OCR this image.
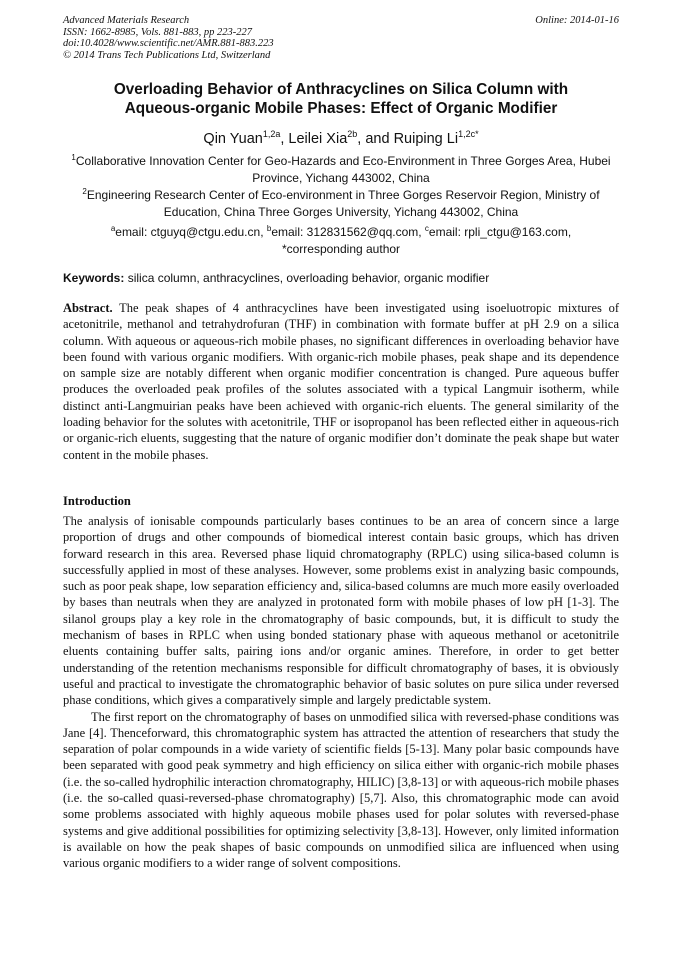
Advanced Materials Research
ISSN: 1662-8985, Vols. 881-883, pp 223-227
doi:10.4028/www.scientific.net/AMR.881-883.223
© 2014 Trans Tech Publications Ltd, Switzerland
Online: 2014-01-16
Overloading Behavior of Anthracyclines on Silica Column with
Aqueous-organic Mobile Phases: Effect of Organic Modifier
Qin Yuan$^{1,2a}$, Leilei Xia$^{2b}$, and Ruiping $Li^{1,2c*}$
$^1$Collaborative Innovation Center for Geo-Hazards and Eco-Environment in Three Gorges Area, Hubei Province, Yichang 443002, China
$^2$Engineering Research Center of Eco-environment in Three Gorges Reservoir Region, Ministry of Education, China Three Gorges University, Yichang 443002, China
$^a$email: ctguyq@ctgu.edu.cn, $^b$email: 312831562@qq.com, $^c$email: rpli_ctgu@163.com,
*corresponding author
Keywords: silica column, anthracyclines, overloading behavior, organic modifier
Abstract. The peak shapes of 4 anthracyclines have been investigated using isoeluotropic mixtures of acetonitrile, methanol and tetrahydrofuran (THF) in combination with formate buffer at pH 2.9 on a silica column. With aqueous or aqueous-rich mobile phases, no significant differences in overloading behavior have been found with various organic modifiers. With organic-rich mobile phases, peak shape and its dependence on sample size are notably different when organic modifier concentration is changed. Pure aqueous buffer produces the overloaded peak profiles of the solutes associated with a typical Langmuir isotherm, while distinct anti-Langmuirian peaks have been achieved with organic-rich eluents. The general similarity of the loading behavior for the solutes with acetonitrile, THF or isopropanol has been reflected either in aqueous-rich or organic-rich eluents, suggesting that the nature of organic modifier don’t dominate the peak shape but water content in the mobile phases.
Introduction

The analysis of ionisable compounds particularly bases continues to be an area of concern since a large proportion of drugs and other compounds of biomedical interest contain basic groups, which has driven forward research in this area. Reversed phase liquid chromatography (RPLC) using silica-based column is successfully applied in most of these analyses. However, some problems exist in analyzing basic compounds, such as poor peak shape, low separation efficiency and, silica-based columns are much more easily overloaded by bases than neutrals when they are analyzed in protonated form with mobile phases of low pH [1-3]. The silanol groups play a key role in the chromatography of basic compounds, but, it is difficult to study the mechanism of bases in RPLC when using bonded stationary phase with aqueous methanol or acetonitrile eluents containing buffer salts, pairing ions and/or organic amines. Therefore, in order to get better understanding of the retention mechanisms responsible for difficult chromatography of bases, it is obviously useful and practical to investigate the chromatographic behavior of basic solutes on pure silica under reversed phase conditions, which gives a comparatively simple and largely predictable system.

The first report on the chromatography of bases on unmodified silica with reversed-phase conditions was Jane [4]. Thenceforward, this chromatographic system has attracted the attention of researchers that study the separation of polar compounds in a wide variety of scientific fields [5-13]. Many polar basic compounds have been separated with good peak symmetry and high efficiency on silica either with organic-rich mobile phases (i.e. the so-called hydrophilic interaction chromatography, HILIC) [3,8-13] or with aqueous-rich mobile phases (i.e. the so-called quasi-reversed-phase chromatography) [5,7]. Also, this chromatographic mode can avoid some problems associated with highly aqueous mobile phases used for polar solutes with reversed-phase systems and give additional possibilities for optimizing selectivity [3,8-13]. However, only limited information is available on how the peak shapes of basic compounds on unmodified silica are influenced when using various organic modifiers to a wider range of solvent compositions.
